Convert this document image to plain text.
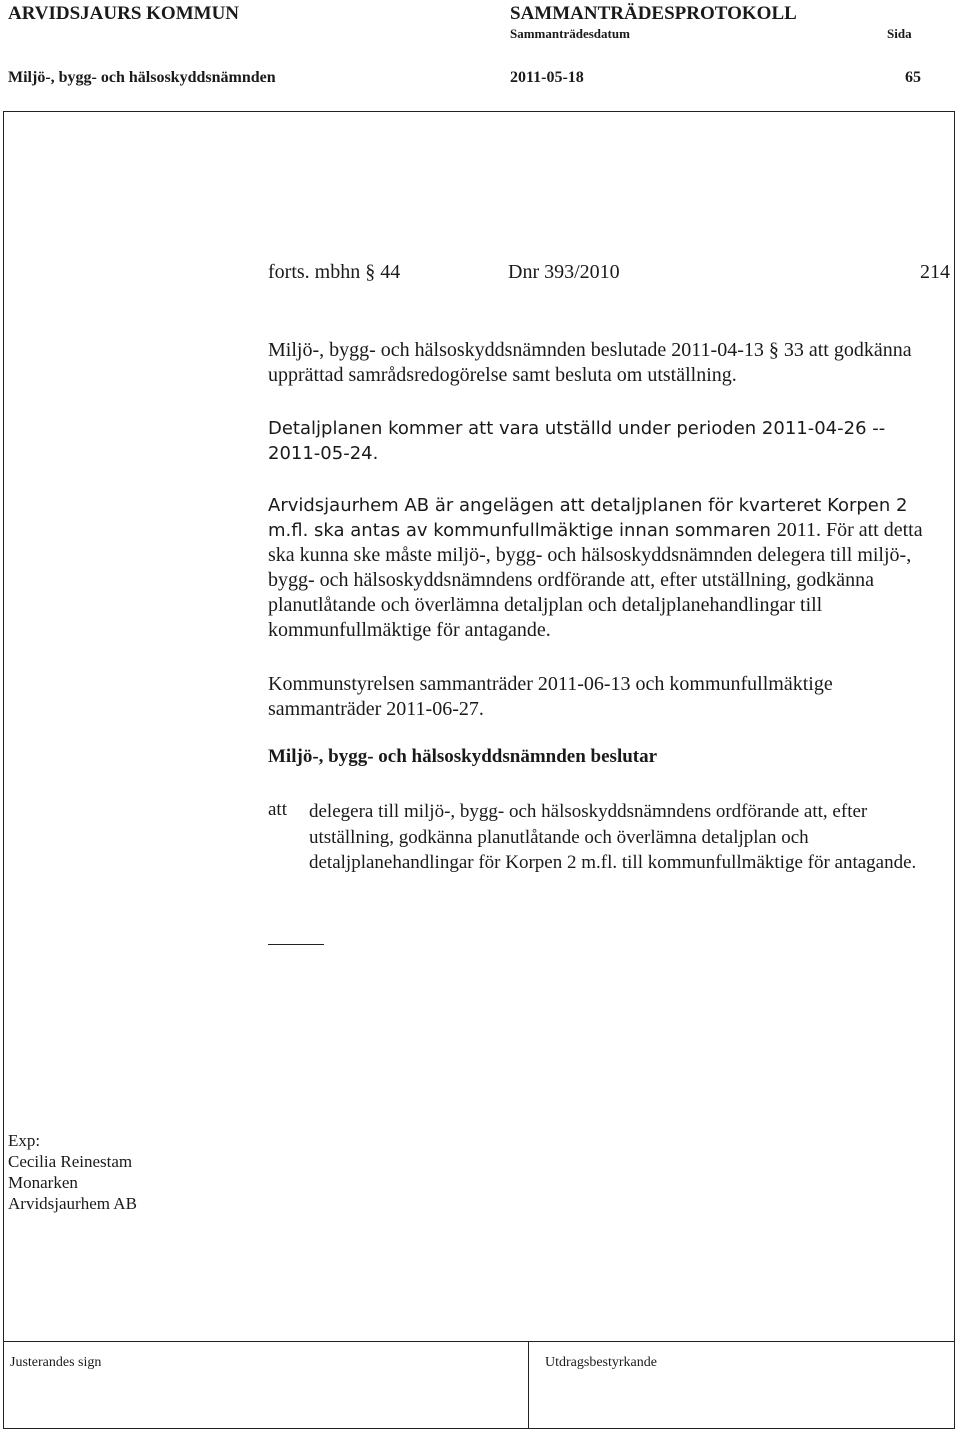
ARVIDSJAURS KOMMUN	SAMMANTRÄDESPROTOKOLL
Sammanträdesdatum	Sida
Miljö-, bygg- och hälsoskyddsnämnden	2011-05-18	65
forts. mbhn § 44	Dnr 393/2010	214
Miljö-, bygg- och hälsoskyddsnämnden beslutade 2011-04-13 § 33 att godkänna upprättad samrådsredogörelse samt besluta om utställning.
Detaljplanen kommer att vara utställd under perioden 2011-04-26 -- 2011-05-24.
Arvidsjaurhem AB är angelägen att detaljplanen för kvarteret Korpen 2 m.fl. ska antas av kommunfullmäktige innan sommaren 2011. För att detta ska kunna ske måste miljö-, bygg- och hälsoskyddsnämnden delegera till miljö-, bygg- och hälsoskyddsnämndens ordförande att, efter utställning, godkänna planutlåtande och överlämna detaljplan och detaljplanehandlingar till kommunfullmäktige för antagande.
Kommunstyrelsen sammanträder 2011-06-13 och kommunfullmäktige sammanträder 2011-06-27.
Miljö-, bygg- och hälsoskyddsnämnden beslutar
att delegera till miljö-, bygg- och hälsoskyddsnämndens ordförande att, efter utställning, godkänna planutlåtande och överlämna detaljplan och detaljplanehandlingar för Korpen 2 m.fl. till kommunfullmäktige för antagande.
Exp:
Cecilia Reinestam
Monarken
Arvidsjaurhem AB
Justerandes sign	Utdragsbestyrkande
